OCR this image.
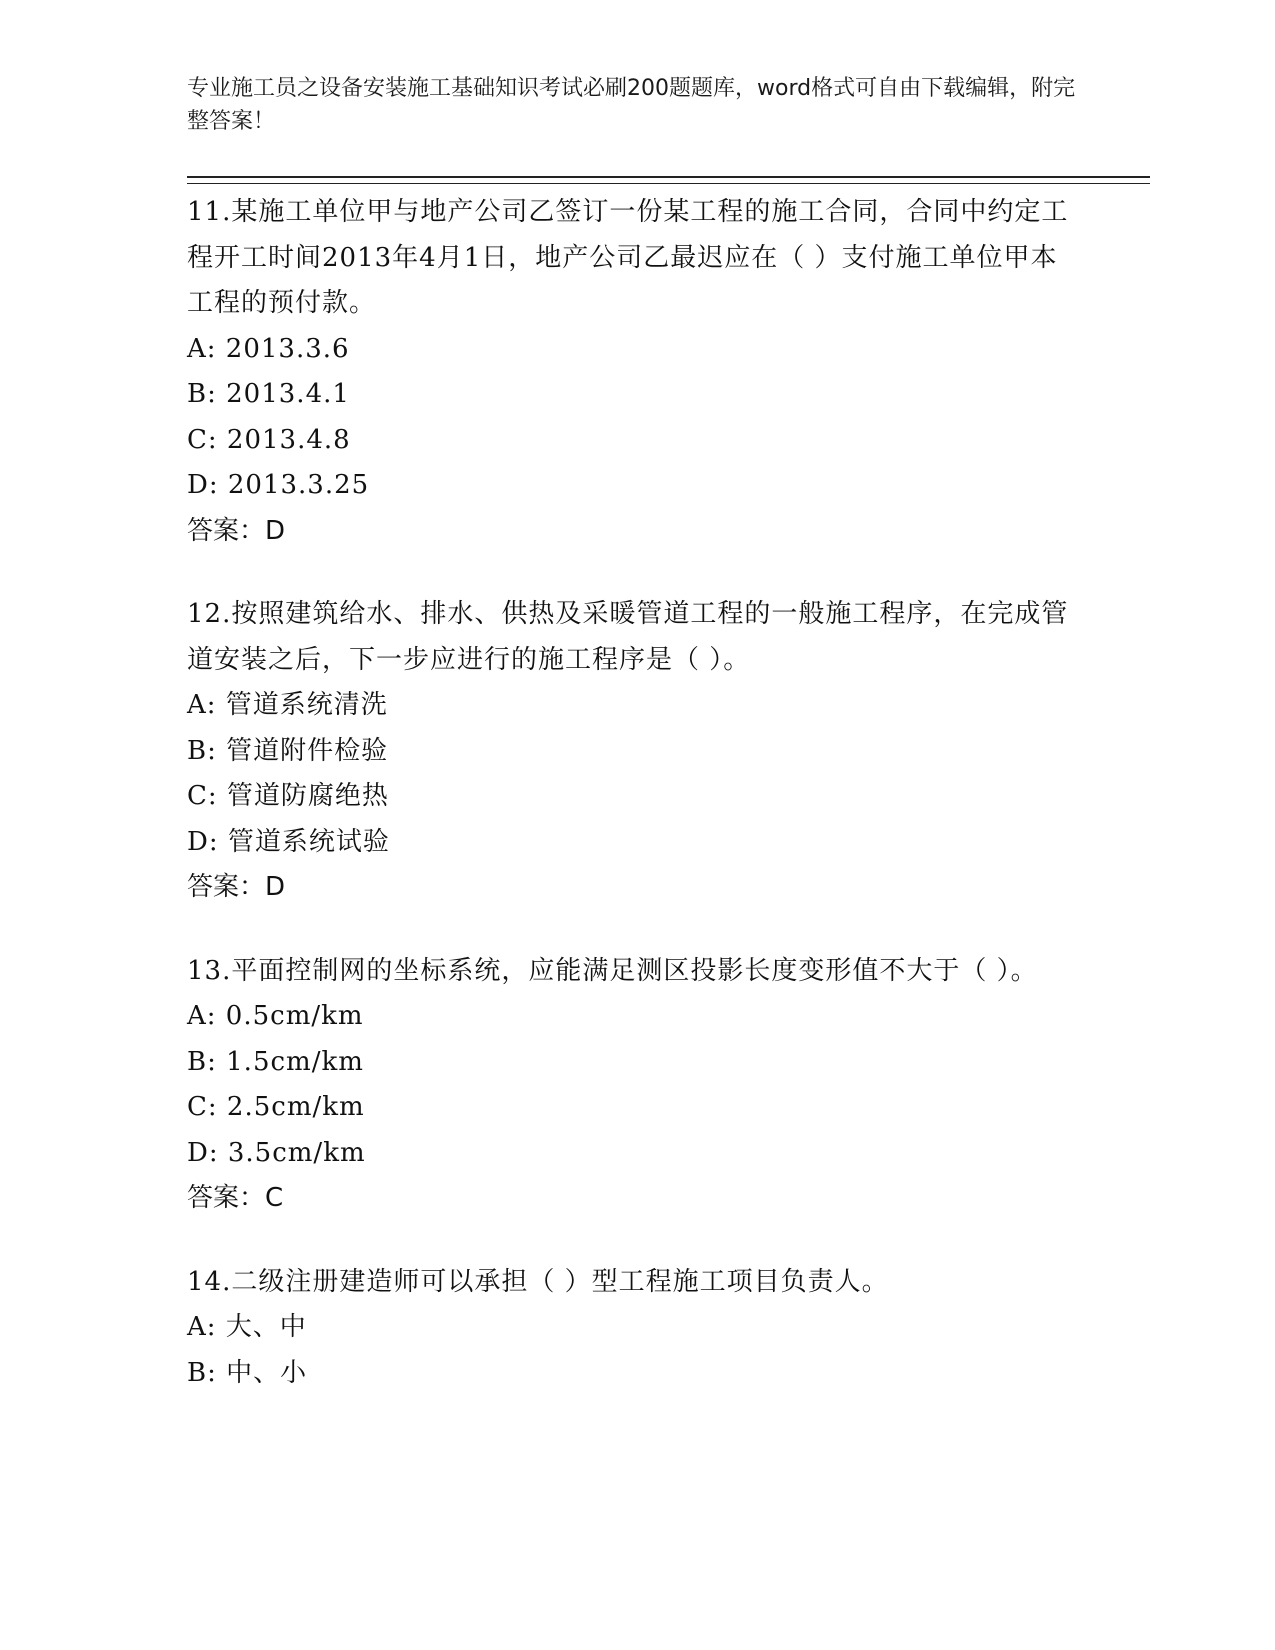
专业施工员之设备安装施工基础知识考试必刷200题题库，word格式可自由下载编辑，附完整答案！

11.某施工单位甲与地产公司乙签订一份某工程的施工合同，合同中约定工程开工时间2013年4月1日，地产公司乙最迟应在（ ）支付施工单位甲本工程的预付款。

A: 2013.3.6

B: 2013.4.1

C: 2013.4.8

D: 2013.3.25

答案：D

12.按照建筑给水、排水、供热及采暖管道工程的一般施工程序，在完成管道安装之后，下一步应进行的施工程序是（ ）。

A: 管道系统清洗

B: 管道附件检验

C: 管道防腐绝热

D: 管道系统试验

答案：D

13.平面控制网的坐标系统，应能满足测区投影长度变形值不大于（ ）。

A: 0.5cm/km

B: 1.5cm/km

C: 2.5cm/km

D: 3.5cm/km

答案：C

14.二级注册建造师可以承担（ ）型工程施工项目负责人。

A: 大、中

B: 中、小
